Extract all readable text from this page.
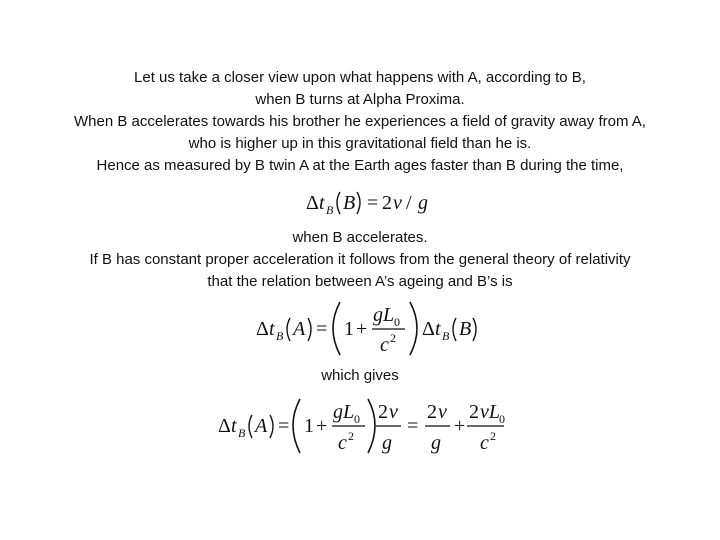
Let us take a closer view upon what happens with A, according to B,
when B turns at Alpha Proxima.
When B accelerates towards his brother he experiences a field of gravity away from A,
who is higher up in this gravitational field than he is.
Hence as measured by B twin A at the Earth ages faster than B during the time,
Δ t B B = 2 v / g
when B accelerates.
If B has constant proper acceleration it follows from the general theory of relativity
that the relation between A’s ageing and B’s is
Δ t B A = 1 +
gL 0
c 2 Δ t B B
which gives
Δ t B A = 1 +
gL 0
c 2
2 v
g
=
2 v
g
+
2 vL 0
c 2
